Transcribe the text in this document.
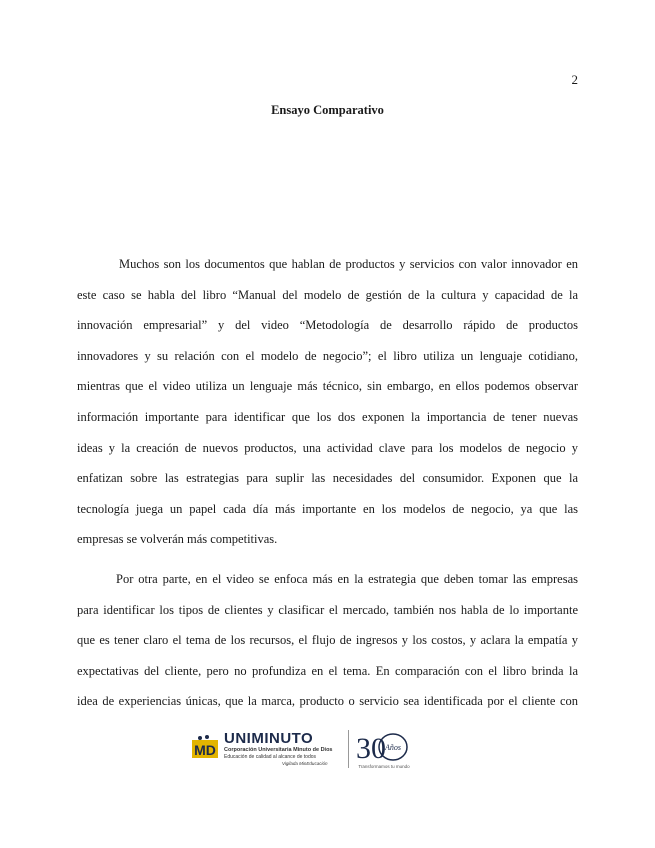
2
Ensayo Comparativo
Muchos son los documentos que hablan de productos y servicios con valor innovador en
este caso se habla del libro “Manual del modelo de gestión de la cultura y capacidad de la
innovación empresarial” y del video “Metodología de desarrollo rápido de productos
innovadores y su relación con el modelo de negocio”; el libro utiliza un lenguaje cotidiano,
mientras que el video utiliza un lenguaje más técnico, sin embargo, en ellos podemos observar
información importante para identificar que los dos exponen la importancia de tener nuevas
ideas y la creación de nuevos productos, una actividad clave para los modelos de negocio y
enfatizan sobre las estrategias para suplir las necesidades del consumidor. Exponen que la
tecnología juega un papel cada día más importante en los modelos de negocio, ya que las
empresas se volverán más competitivas.
Por otra parte, en el video se enfoca más en la estrategia que deben tomar las empresas
para identificar los tipos de clientes y clasificar el mercado, también nos habla de lo importante
que es tener claro el tema de los recursos, el flujo de ingresos y los costos, y aclara la empatía y
expectativas del cliente, pero no profundiza en el tema. En comparación con el libro brinda la
idea de experiencias únicas, que la marca, producto o servicio sea identificada por el cliente con
MD
UNIMINUTO
Corporación Universitaria Minuto de Dios
Educación de calidad al alcance de todos
Vigilada MinEducación 30 Años
Transformamos tu mundo
